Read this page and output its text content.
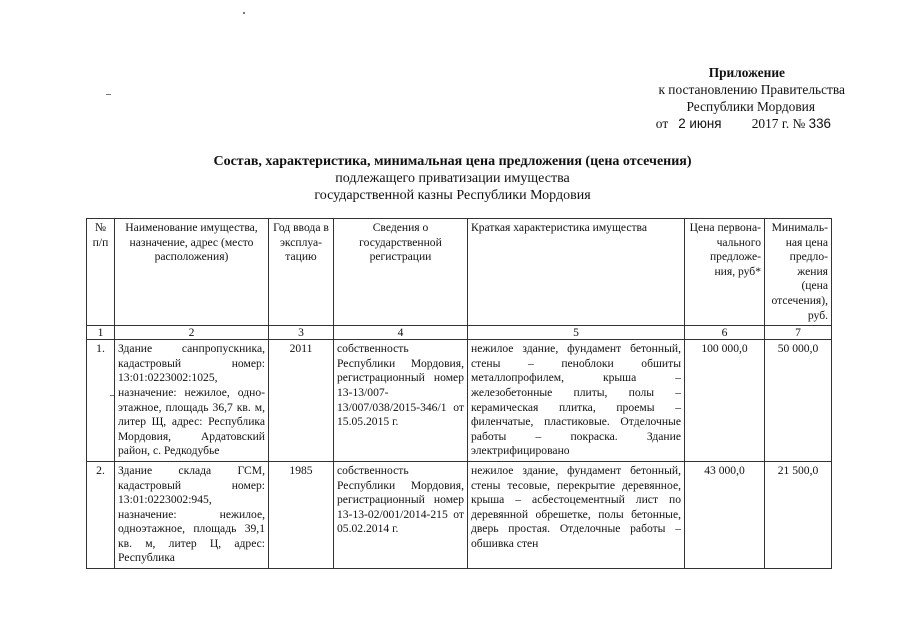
Приложение
к постановлению Правительства
Республики Мордовия
от 2 июня 2017 г. № 336
Состав, характеристика, минимальная цена предложения (цена отсечения)
подлежащего приватизации имущества
государственной казны Республики Мордовия
№ п/п	Наименование имущества, назначение, адрес (место расположения)	Год ввода в эксплуа- тацию	Сведения о государственной регистрации	Краткая характеристика имущества	Цена первона- чального предложе- ния, руб*	Минималь- ная цена предло- жения (цена отсечения), руб.
1	2	3	4	5	6	7
1.	Здание санпропускника, кадастровый номер: 13:01:0223002:1025, назначение: нежилое, одно-этажное, площадь 36,7 кв. м, литер Щ, адрес: Республика Мордовия, Ардатовский район, с. Редкодубье	2011	собственность Республики Мордовия, регистрационный номер 13-13/007-13/007/038/2015-346/1 от 15.05.2015 г.	нежилое здание, фундамент бетонный, стены – пеноблоки обшиты металлопрофилем, крыша – железобетонные плиты, полы – керамическая плитка, проемы – филенчатые, пластиковые. Отделочные работы – покраска. Здание электрифицировано	100 000,0	50 000,0
2.	Здание склада ГСМ, кадастровый номер: 13:01:0223002:945, назначение: нежилое, одноэтажное, площадь 39,1 кв. м, литер Ц, адрес: Республика	1985	собственность Республики Мордовия, регистрационный номер 13-13-02/001/2014-215 от 05.02.2014 г.	нежилое здание, фундамент бетонный, стены тесовые, перекрытие деревянное, крыша – асбестоцементный лист по деревянной обрешетке, полы бетонные, дверь простая. Отделочные работы – обшивка стен	43 000,0	21 500,0
